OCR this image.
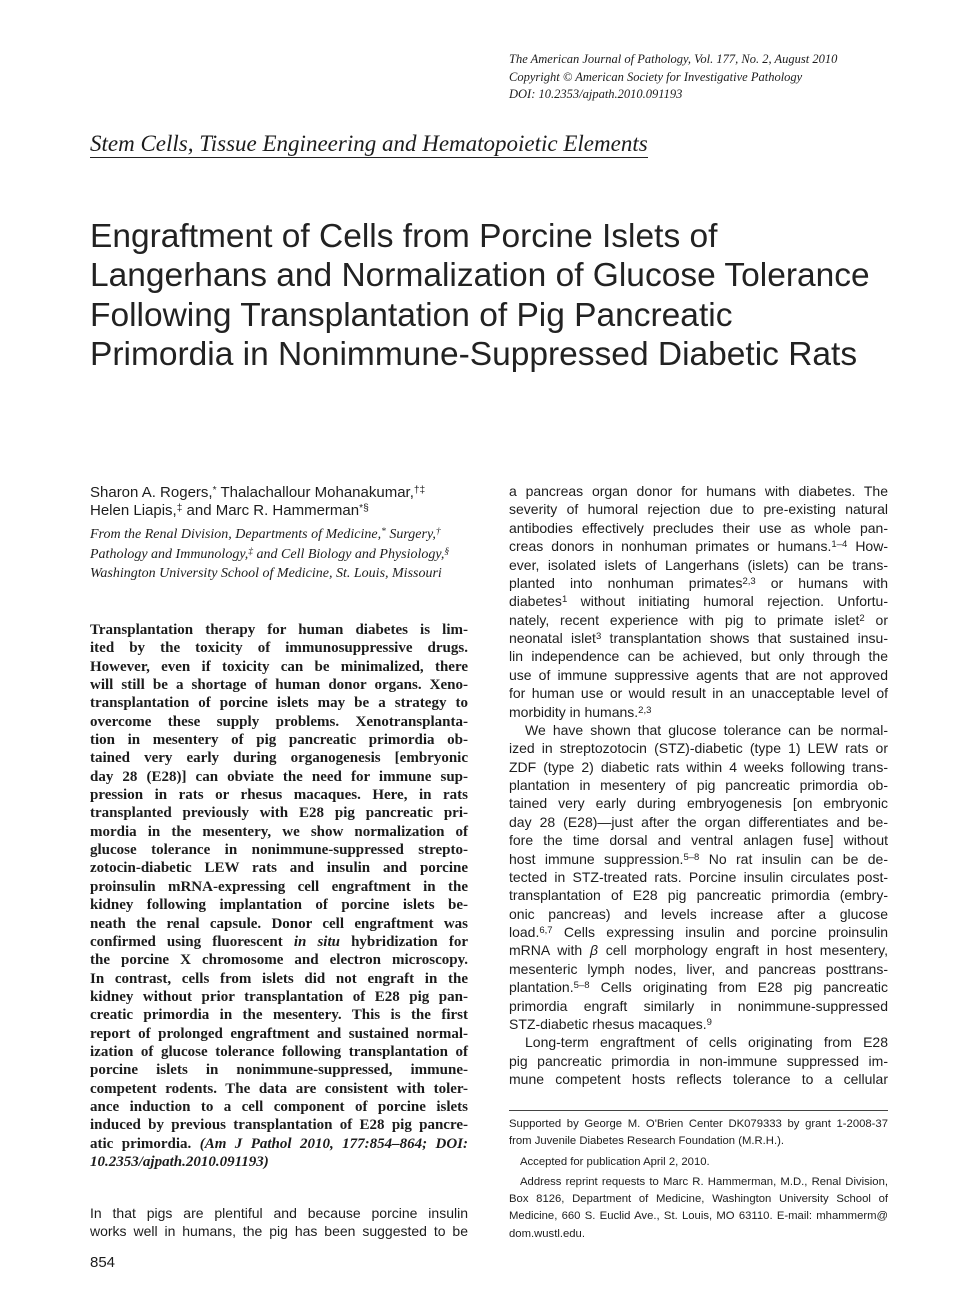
The American Journal of Pathology, Vol. 177, No. 2, August 2010
Copyright © American Society for Investigative Pathology
DOI: 10.2353/ajpath.2010.091193
Stem Cells, Tissue Engineering and Hematopoietic Elements
Engraftment of Cells from Porcine Islets of
Langerhans and Normalization of Glucose Tolerance
Following Transplantation of Pig Pancreatic
Primordia in Nonimmune-Suppressed Diabetic Rats
Sharon A. Rogers,* Thalachallour Mohanakumar,†‡
Helen Liapis,‡ and Marc R. Hammerman*§
From the Renal Division, Departments of Medicine,* Surgery,†
Pathology and Immunology,‡ and Cell Biology and Physiology,§
Washington University School of Medicine, St. Louis, Missouri
Transplantation therapy for human diabetes is lim-
ited by the toxicity of immunosuppressive drugs.
However, even if toxicity can be minimalized, there
will still be a shortage of human donor organs. Xeno-
transplantation of porcine islets may be a strategy to
overcome these supply problems. Xenotransplanta-
tion in mesentery of pig pancreatic primordia ob-
tained very early during organogenesis [embryonic
day 28 (E28)] can obviate the need for immune sup-
pression in rats or rhesus macaques. Here, in rats
transplanted previously with E28 pig pancreatic pri-
mordia in the mesentery, we show normalization of
glucose tolerance in nonimmune-suppressed strepto-
zotocin-diabetic LEW rats and insulin and porcine
proinsulin mRNA-expressing cell engraftment in the
kidney following implantation of porcine islets be-
neath the renal capsule. Donor cell engraftment was
confirmed using fluorescent in situ hybridization for
the porcine X chromosome and electron microscopy.
In contrast, cells from islets did not engraft in the
kidney without prior transplantation of E28 pig pan-
creatic primordia in the mesentery. This is the first
report of prolonged engraftment and sustained normal-
ization of glucose tolerance following transplantation of
porcine islets in nonimmune-suppressed, immune-
competent rodents. The data are consistent with toler-
ance induction to a cell component of porcine islets
induced by previous transplantation of E28 pig pancre-
atic primordia. (Am J Pathol 2010, 177:854–864; DOI:
10.2353/ajpath.2010.091193)
In that pigs are plentiful and because porcine insulin
works well in humans, the pig has been suggested to be
854
a pancreas organ donor for humans with diabetes. The
severity of humoral rejection due to pre-existing natural
antibodies effectively precludes their use as whole pan-
creas donors in nonhuman primates or humans.$^{1-4}$ How-
ever, isolated islets of Langerhans (islets) can be trans-
planted into nonhuman primates$^{2,3}$ or humans with
diabetes$^1$ without initiating humoral rejection. Unfortu-
nately, recent experience with pig to primate islet$^2$ or
neonatal islet$^3$ transplantation shows that sustained insu-
lin independence can be achieved, but only through the
use of immune suppressive agents that are not approved
for human use or would result in an unacceptable level of
morbidity in humans.$^{2,3}$
We have shown that glucose tolerance can be normal-
ized in streptozotocin (STZ)-diabetic (type 1) LEW rats or
ZDF (type 2) diabetic rats within 4 weeks following trans-
plantation in mesentery of pig pancreatic primordia ob-
tained very early during embryogenesis [on embryonic
day 28 (E28)—just after the organ differentiates and be-
fore the time dorsal and ventral anlagen fuse] without
host immune suppression.$^{5-8}$ No rat insulin can be de-
tected in STZ-treated rats. Porcine insulin circulates post-
transplantation of E28 pig pancreatic primordia (embry-
onic pancreas) and levels increase after a glucose
load.$^{6,7}$ Cells expressing insulin and porcine proinsulin
mRNA with β cell morphology engraft in host mesentery,
mesenteric lymph nodes, liver, and pancreas posttrans-
plantation.$^{5-8}$ Cells originating from E28 pig pancreatic
primordia engraft similarly in nonimmune-suppressed
STZ-diabetic rhesus macaques.$^9$
Long-term engraftment of cells originating from E28
pig pancreatic primordia in non-immune suppressed im-
mune competent hosts reflects tolerance to a cellular
Supported by George M. O'Brien Center DK079333 by grant 1-2008-37
from Juvenile Diabetes Research Foundation (M.R.H.).
Accepted for publication April 2, 2010.
Address reprint requests to Marc R. Hammerman, M.D., Renal Division,
Box 8126, Department of Medicine, Washington University School of
Medicine, 660 S. Euclid Ave., St. Louis, MO 63110. E-mail: mhammerm@
dom.wustl.edu.
